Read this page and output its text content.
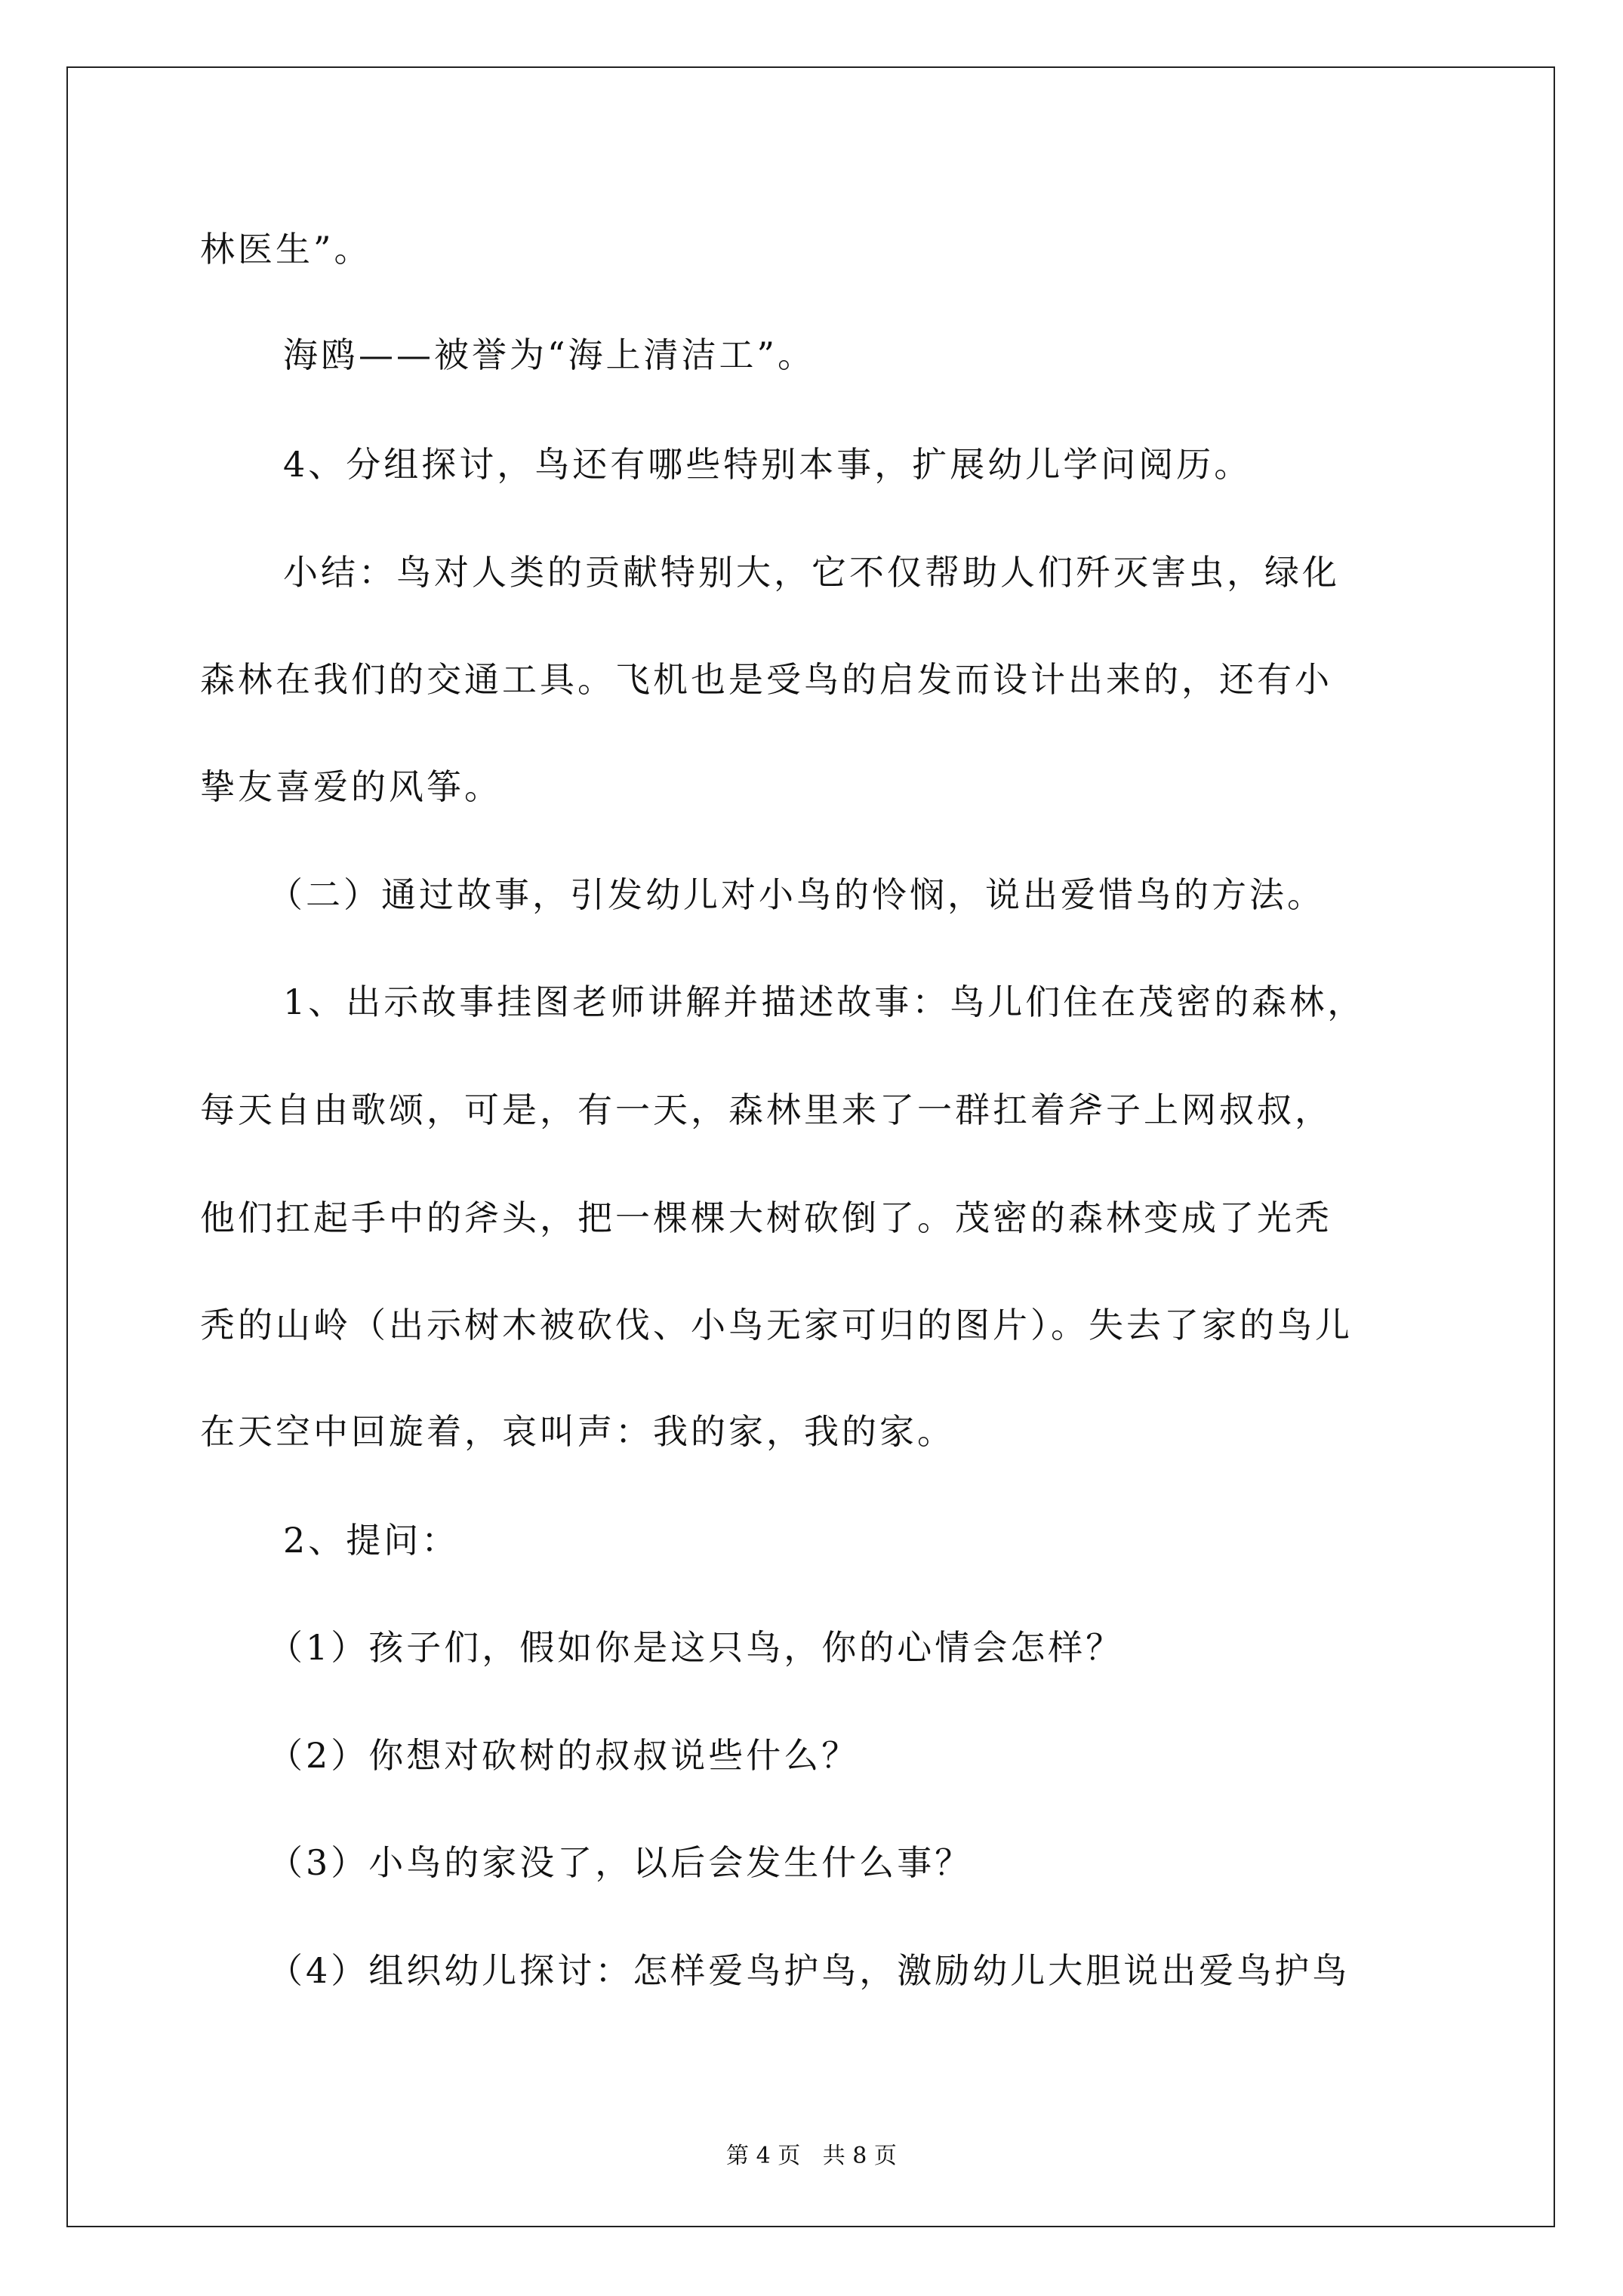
林医生”。
海鸥——被誉为“海上清洁工”。
4、分组探讨，鸟还有哪些特别本事，扩展幼儿学问阅历。
小结：鸟对人类的贡献特别大，它不仅帮助人们歼灭害虫，绿化
森林在我们的交通工具。飞机也是受鸟的启发而设计出来的，还有小
挚友喜爱的风筝。
（二）通过故事，引发幼儿对小鸟的怜悯，说出爱惜鸟的方法。
1、出示故事挂图老师讲解并描述故事：鸟儿们住在茂密的森林，
每天自由歌颂，可是，有一天，森林里来了一群扛着斧子上网叔叔，
他们扛起手中的斧头，把一棵棵大树砍倒了。茂密的森林变成了光秃
秃的山岭（出示树木被砍伐、小鸟无家可归的图片）。失去了家的鸟儿
在天空中回旋着，哀叫声：我的家，我的家。
2、提问：
（1）孩子们，假如你是这只鸟，你的心情会怎样？
（2）你想对砍树的叔叔说些什么？
（3）小鸟的家没了，以后会发生什么事？
（4）组织幼儿探讨：怎样爱鸟护鸟，激励幼儿大胆说出爱鸟护鸟
第 4 页 共 8 页
